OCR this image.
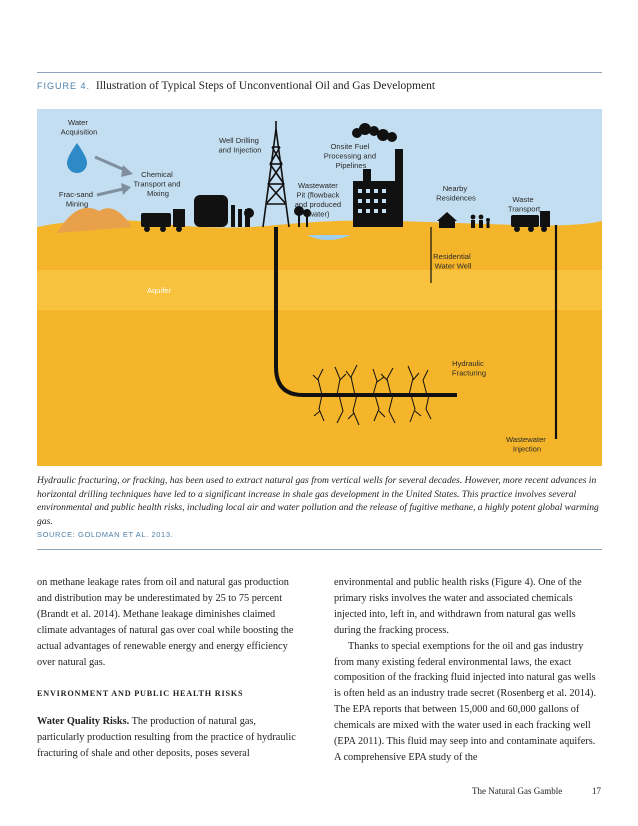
FIGURE 4. Illustration of Typical Steps of Unconventional Oil and Gas Development
Water Acquisition
Frac-sand Mining
Chemical Transport and Mixing
Well Drilling and Injection
Wastewater Pit (flowback and produced water)
Onsite Fuel Processing and Pipelines
Nearby Residences	Waste Transport
Residential Water Well
Hydraulic Fracturing
Wastewater Injection
Aquifer
Hydraulic fracturing, or fracking, has been used to extract natural gas from vertical wells for several decades. However, more recent advances in horizontal drilling techniques have led to a significant increase in shale gas development in the United States. This practice involves several environmental and public health risks, including local air and water pollution and the release of fugitive methane, a highly potent global warming gas.
SOURCE: GOLDMAN ET AL. 2013.

on methane leakage rates from oil and natural gas production and distribution may be underestimated by 25 to 75 percent (Brandt et al. 2014). Methane leakage diminishes claimed climate advantages of natural gas over coal while boosting the actual advantages of renewable energy and energy efficiency over natural gas.

ENVIRONMENT AND PUBLIC HEALTH RISKS

Water Quality Risks. The production of natural gas, particularly production resulting from the practice of hydraulic fracturing of shale and other deposits, poses several

environmental and public health risks (Figure 4). One of the primary risks involves the water and associated chemicals injected into, left in, and withdrawn from natural gas wells during the fracking process.

Thanks to special exemptions for the oil and gas industry from many existing federal environmental laws, the exact composition of the fracking fluid injected into natural gas wells is often held as an industry trade secret (Rosenberg et al. 2014). The EPA reports that between 15,000 and 60,000 gallons of chemicals are mixed with the water used in each fracking well (EPA 2011). This fluid may seep into and contaminate aquifers. A comprehensive EPA study of the

The Natural Gas Gamble	17
